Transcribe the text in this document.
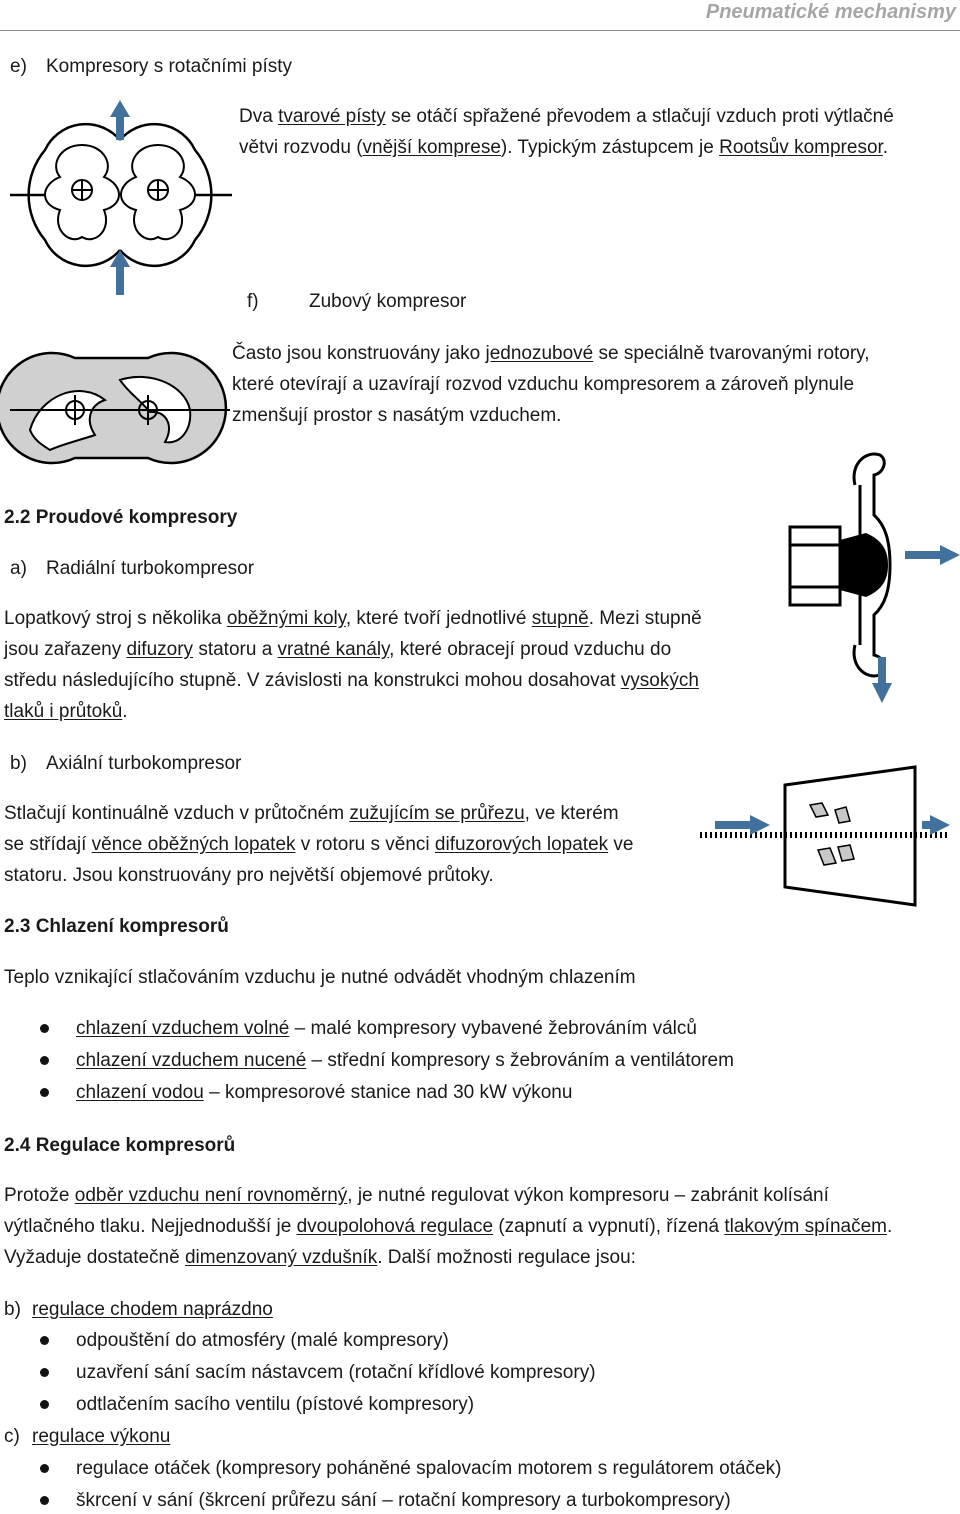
Pneumatické mechanismy
e) Kompresory s rotačními písty
Dva tvarové písty se otáčí spřažené převodem a stlačují vzduch proti výtlačné
větvi rozvodu (vnější komprese). Typickým zástupcem je Rootsův kompresor.
f)	Zubový kompresor
Často jsou konstruovány jako jednozubové se speciálně tvarovanými rotory,
které otevírají a uzavírají rozvod vzduchu kompresorem a zároveň plynule
zmenšují prostor s nasátým vzduchem.
2.2 Proudové kompresory
a) Radiální turbokompresor
Lopatkový stroj s několika oběžnými koly, které tvoří jednotlivé stupně. Mezi stupně
jsou zařazeny difuzory statoru a vratné kanály, které obracejí proud vzduchu do
středu následujícího stupně. V závislosti na konstrukci mohou dosahovat vysokých
tlaků i průtoků.
b) Axiální turbokompresor
Stlačují kontinuálně vzduch v průtočném zužujícím se průřezu, ve kterém
se střídají věnce oběžných lopatek v rotoru s věnci difuzorových lopatek ve
statoru. Jsou konstruovány pro největší objemové průtoky.
2.3 Chlazení kompresorů
Teplo vznikající stlačováním vzduchu je nutné odvádět vhodným chlazením
chlazení vzduchem volné – malé kompresory vybavené žebrováním válců
chlazení vzduchem nucené – střední kompresory s žebrováním a ventilátorem
chlazení vodou – kompresorové stanice nad 30 kW výkonu
2.4 Regulace kompresorů
Protože odběr vzduchu není rovnoměrný, je nutné regulovat výkon kompresoru – zabránit kolísání
výtlačného tlaku. Nejjednodušší je dvoupolohová regulace (zapnutí a vypnutí), řízená tlakovým spínačem.
Vyžaduje dostatečně dimenzovaný vzdušník. Další možnosti regulace jsou:
b) regulace chodem naprázdno
odpouštění do atmosféry (malé kompresory)
uzavření sání sacím nástavcem (rotační křídlové kompresory)
odtlačením sacího ventilu (pístové kompresory)
c) regulace výkonu
regulace otáček (kompresory poháněné spalovacím motorem s regulátorem otáček)
škrcení v sání (škrcení průřezu sání – rotační kompresory a turbokompresory)
